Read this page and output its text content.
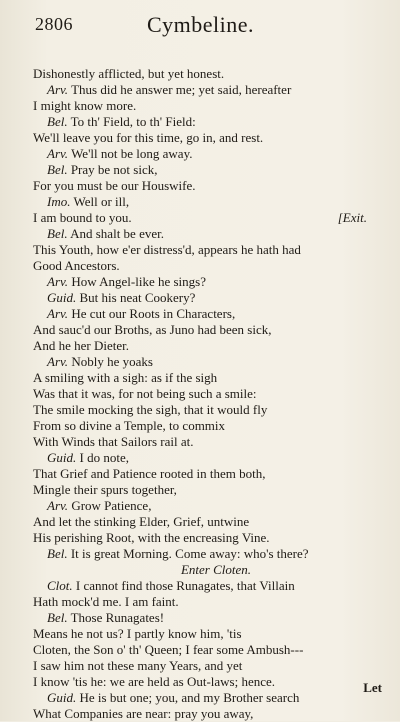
2806	Cymbeline.
Dishonestly afflicted, but yet honest.
Arv. Thus did he answer me; yet said, hereafter
I might know more.
Bel. To th' Field, to th' Field:
We'll leave you for this time, go in, and rest.
Arv. We'll not be long away.
Bel. Pray be not sick,
For you must be our Houswife.
Imo. Well or ill,
I am bound to you.	[Exit.
Bel. And shalt be ever.
This Youth, how e'er distress'd, appears he hath had
Good Ancestors.
Arv. How Angel-like he sings?
Guid. But his neat Cookery?
Arv. He cut our Roots in Characters,
And sauc'd our Broths, as Juno had been sick,
And he her Dieter.
Arv. Nobly he yoaks
A smiling with a sigh: as if the sigh
Was that it was, for not being such a smile:
The smile mocking the sigh, that it would fly
From so divine a Temple, to commix
With Winds that Sailors rail at.
Guid. I do note,
That Grief and Patience rooted in them both,
Mingle their spurs together,
Arv. Grow Patience,
And let the stinking Elder, Grief, untwine
His perishing Root, with the encreasing Vine.
Bel. It is great Morning. Come away: who's there?
Enter Cloten.
Clot. I cannot find those Runagates, that Villain
Hath mock'd me. I am faint.
Bel. Those Runagates!
Means he not us? I partly know him, 'tis
Cloten, the Son o' th' Queen; I fear some Ambush---
I saw him not these many Years, and yet
I know 'tis he: we are held as Out-laws; hence.
Guid. He is but one; you, and my Brother search
What Companies are near: pray you away,
Let
